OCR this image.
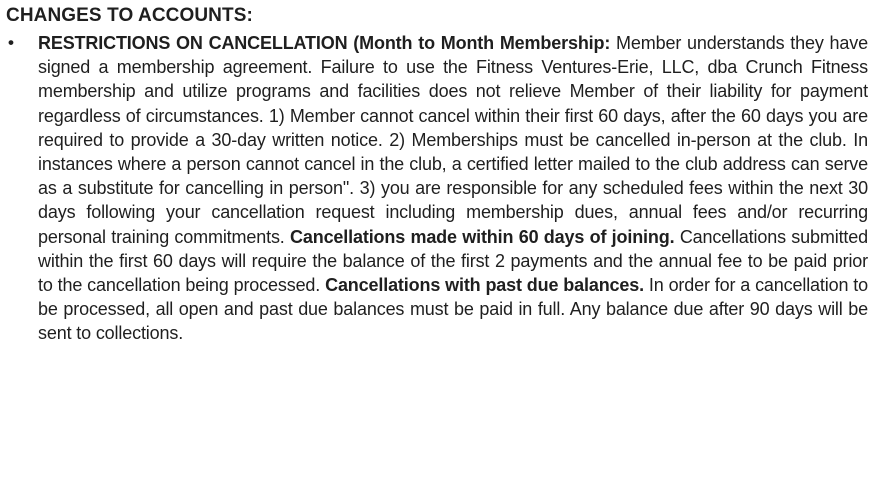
CHANGES TO ACCOUNTS:
• RESTRICTIONS ON CANCELLATION (Month to Month Membership: Member understands they have signed a membership agreement. Failure to use the Fitness Ventures-Erie, LLC, dba Crunch Fitness membership and utilize programs and facilities does not relieve Member of their liability for payment regardless of circumstances. 1) Member cannot cancel within their first 60 days, after the 60 days you are required to provide a 30-day written notice. 2) Memberships must be cancelled in-person at the club. In instances where a person cannot cancel in the club, a certified letter mailed to the club address can serve as a substitute for cancelling in person". 3) you are responsible for any scheduled fees within the next 30 days following your cancellation request including membership dues, annual fees and/or recurring personal training commitments. Cancellations made within 60 days of joining. Cancellations submitted within the first 60 days will require the balance of the first 2 payments and the annual fee to be paid prior to the cancellation being processed. Cancellations with past due balances. In order for a cancellation to be processed, all open and past due balances must be paid in full. Any balance due after 90 days will be sent to collections.
